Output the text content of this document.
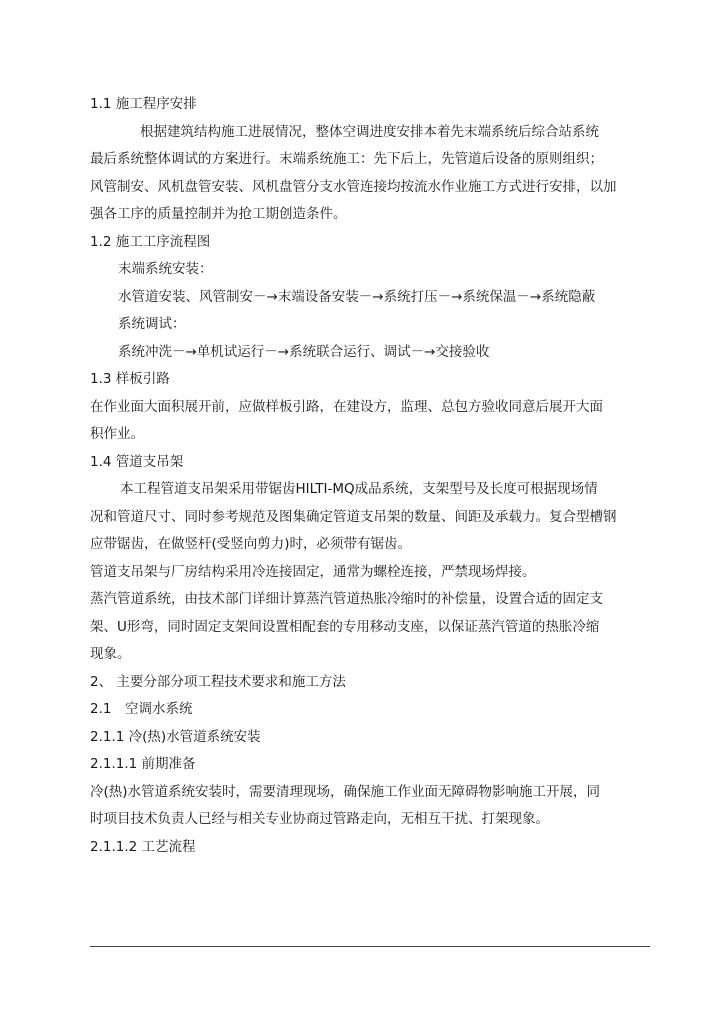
1.1 施工程序安排
根据建筑结构施工进展情况，整体空调进度安排本着先末端系统后综合站系统
最后系统整体调试的方案进行。末端系统施工：先下后上，先管道后设备的原则组织；
风管制安、风机盘管安装、风机盘管分支水管连接均按流水作业施工方式进行安排，以加
强各工序的质量控制并为抢工期创造条件。
1.2 施工工序流程图
末端系统安装：
水管道安装、风管制安－→末端设备安装－→系统打压－→系统保温－→系统隐蔽
系统调试：
系统冲洗－→单机试运行－→系统联合运行、调试－→交接验收
1.3 样板引路
在作业面大面积展开前，应做样板引路，在建设方，监理、总包方验收同意后展开大面
积作业。
1.4 管道支吊架
本工程管道支吊架采用带锯齿HILTI-MQ成品系统，支架型号及长度可根据现场情
况和管道尺寸、同时参考规范及图集确定管道支吊架的数量、间距及承载力。复合型槽钢
应带锯齿，在做竖杆(受竖向剪力)时，必须带有锯齿。
管道支吊架与厂房结构采用冷连接固定，通常为螺栓连接，严禁现场焊接。
蒸汽管道系统，由技术部门详细计算蒸汽管道热胀冷缩时的补偿量，设置合适的固定支
架、U形弯，同时固定支架间设置相配套的专用移动支座，以保证蒸汽管道的热胀冷缩
现象。
2、 主要分部分项工程技术要求和施工方法
2.1　空调水系统
2.1.1 冷(热)水管道系统安装
2.1.1.1 前期准备
冷(热)水管道系统安装时，需要清理现场，确保施工作业面无障碍物影响施工开展，同
时项目技术负责人已经与相关专业协商过管路走向，无相互干扰、打架现象。
2.1.1.2 工艺流程
